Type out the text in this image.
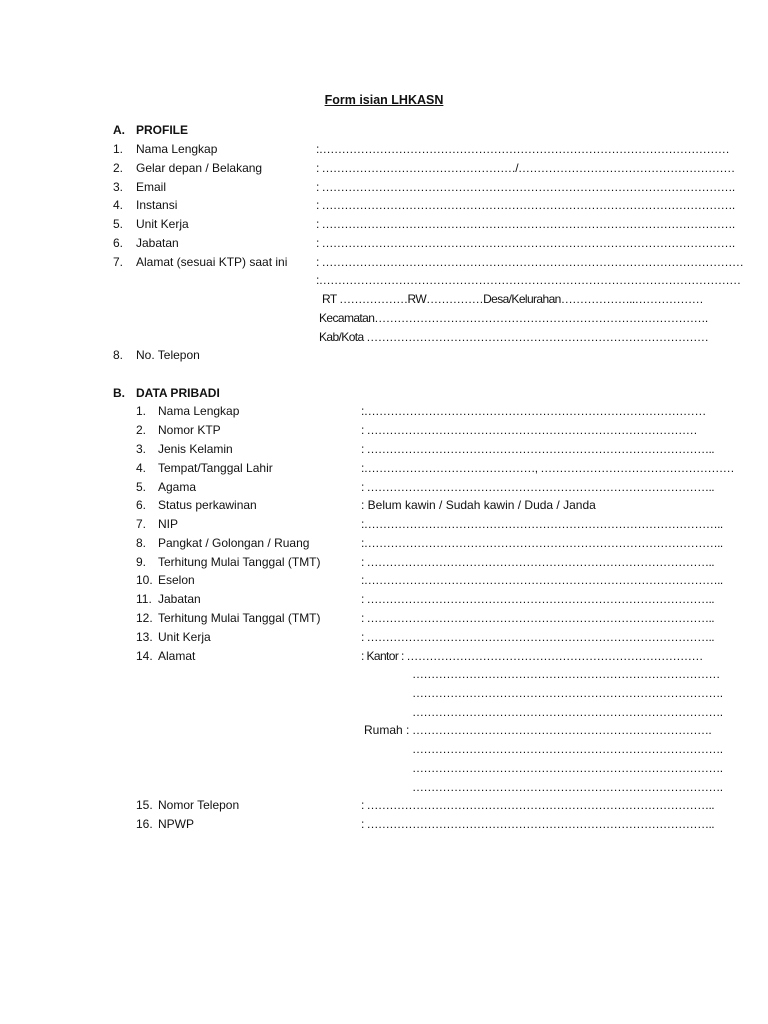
Form isian LHKASN
A. PROFILE
1. Nama Lengkap	:………………………………………………………………………………………………
2. Gelar depan / Belakang	: ……………………………………………/…………………………………………………
3. Email	: ……………………………………………………………………………………………….
4. Instansi	: ……………………………………………………………………………………………….
5. Unit Kerja	: ……………………………………………………………………………………………….
6. Jabatan	: ……………………………………………………………………………………………….
7. Alamat (sesuai KTP) saat ini : …………………………………………………………………………………………………
:…………………………………………………………………………………………………
RT ………………RW……………Desa/Kelurahan………………..………………
Kecamatan…………………………………………………………………………….
Kab/Kota ………………………………………………………………………………
8. No. Telepon
B. DATA PRIBADI
1. Nama Lengkap	:………………………………………………………………………………
2. Nomor KTP	: ……………………………………………………………………………
3. Jenis Kelamin	: ………………………………………………………………………………..
4. Tempat/Tanggal Lahir	:………………………………………, ……………………………………………
5. Agama	: ………………………………………………………………………………..
6. Status perkawinan	: Belum kawin / Sudah kawin / Duda / Janda
7. NIP	:…………………………………………………………………………………..
8. Pangkat / Golongan / Ruang	:…………………………………………………………………………………..
9. Terhitung Mulai Tanggal (TMT)	: ………………………………………………………………………………..
10. Eselon	:…………………………………………………………………………………..
11. Jabatan	: ………………………………………………………………………………..
12. Terhitung Mulai Tanggal (TMT)	: ………………………………………………………………………………..
13. Unit Kerja	: ………………………………………………………………………………..
14. Alamat	: Kantor : ……………………………………………………………………
………………………………………………………………………
……………………………………………………………………….
……………………………………………………………………….
Rumah : …………………………………………………………………….
……………………………………………………………………….
……………………………………………………………………….
……………………………………………………………………….
15. Nomor Telepon	: ………………………………………………………………………………..
16. NPWP	: ………………………………………………………………………………..
